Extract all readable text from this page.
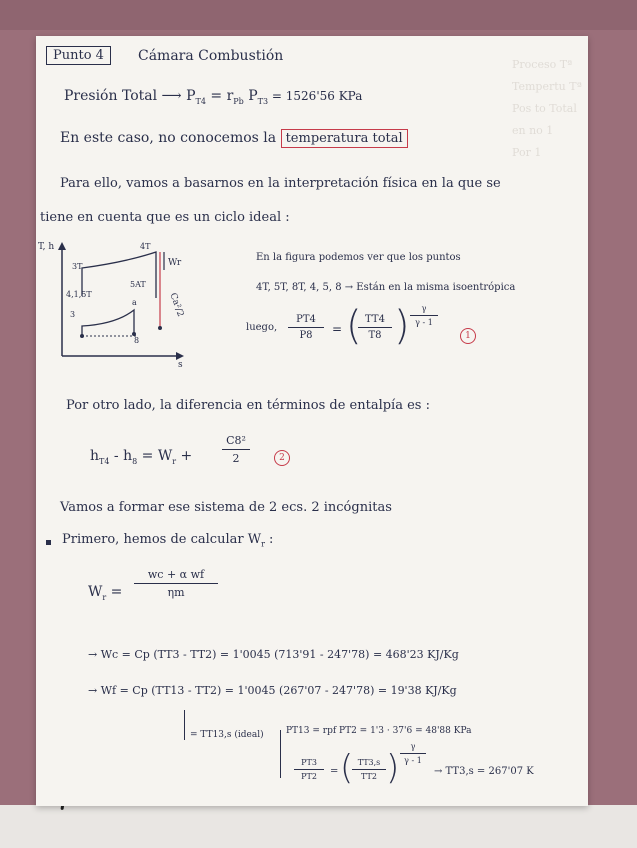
Proceso Tª
Tempertu Tª
Pos to Total
en no 1
Por 1
Punto 4	Cámara Combustión
Presión Total ⟶ $P_{T4} = r_{Pb}$ $P_{T3} = 1526'56$ KPa
En este caso, no conocemos la temperatura total
Para ello, vamos a basarnos en la interpretación física en la que se
tiene en cuenta que es un ciclo ideal :
T, h
s
3T
4T
5AT
4,1,5T
3
Wr
Ca²/2
8
a
En la figura podemos ver que los puntos
4T, 5T, 8T, 4, 5, 8 → Están en la misma isoentrópica
luego,
PT4
P8	= ( TT4
T8 )	γ
γ - 1
1
Por otro lado, la diferencia en términos de entalpía es :
$h_{T4} - h_8 = W_r$ +
C8²
2	2
Vamos a formar ese sistema de 2 ecs. 2 incógnitas
Primero, hemos de calcular $W_r$ :
$W_r$ =
wc + α wf
ηm
→ Wc = Cp (TT3 - TT2) = 1'0045 (713'91 - 247'78) = 468'23 KJ/Kg
→ Wf = Cp (TT13 - TT2) = 1'0045 (267'07 - 247'78) = 19'38 KJ/Kg
= TT13,s (ideal) PT13 = rpf PT2 = 1'3 · 37'6 = 48'88 KPa
PT3
PT2	= ( TT3,s
TT2 )
γ
γ - 1
→ TT3,s = 267'07 K
